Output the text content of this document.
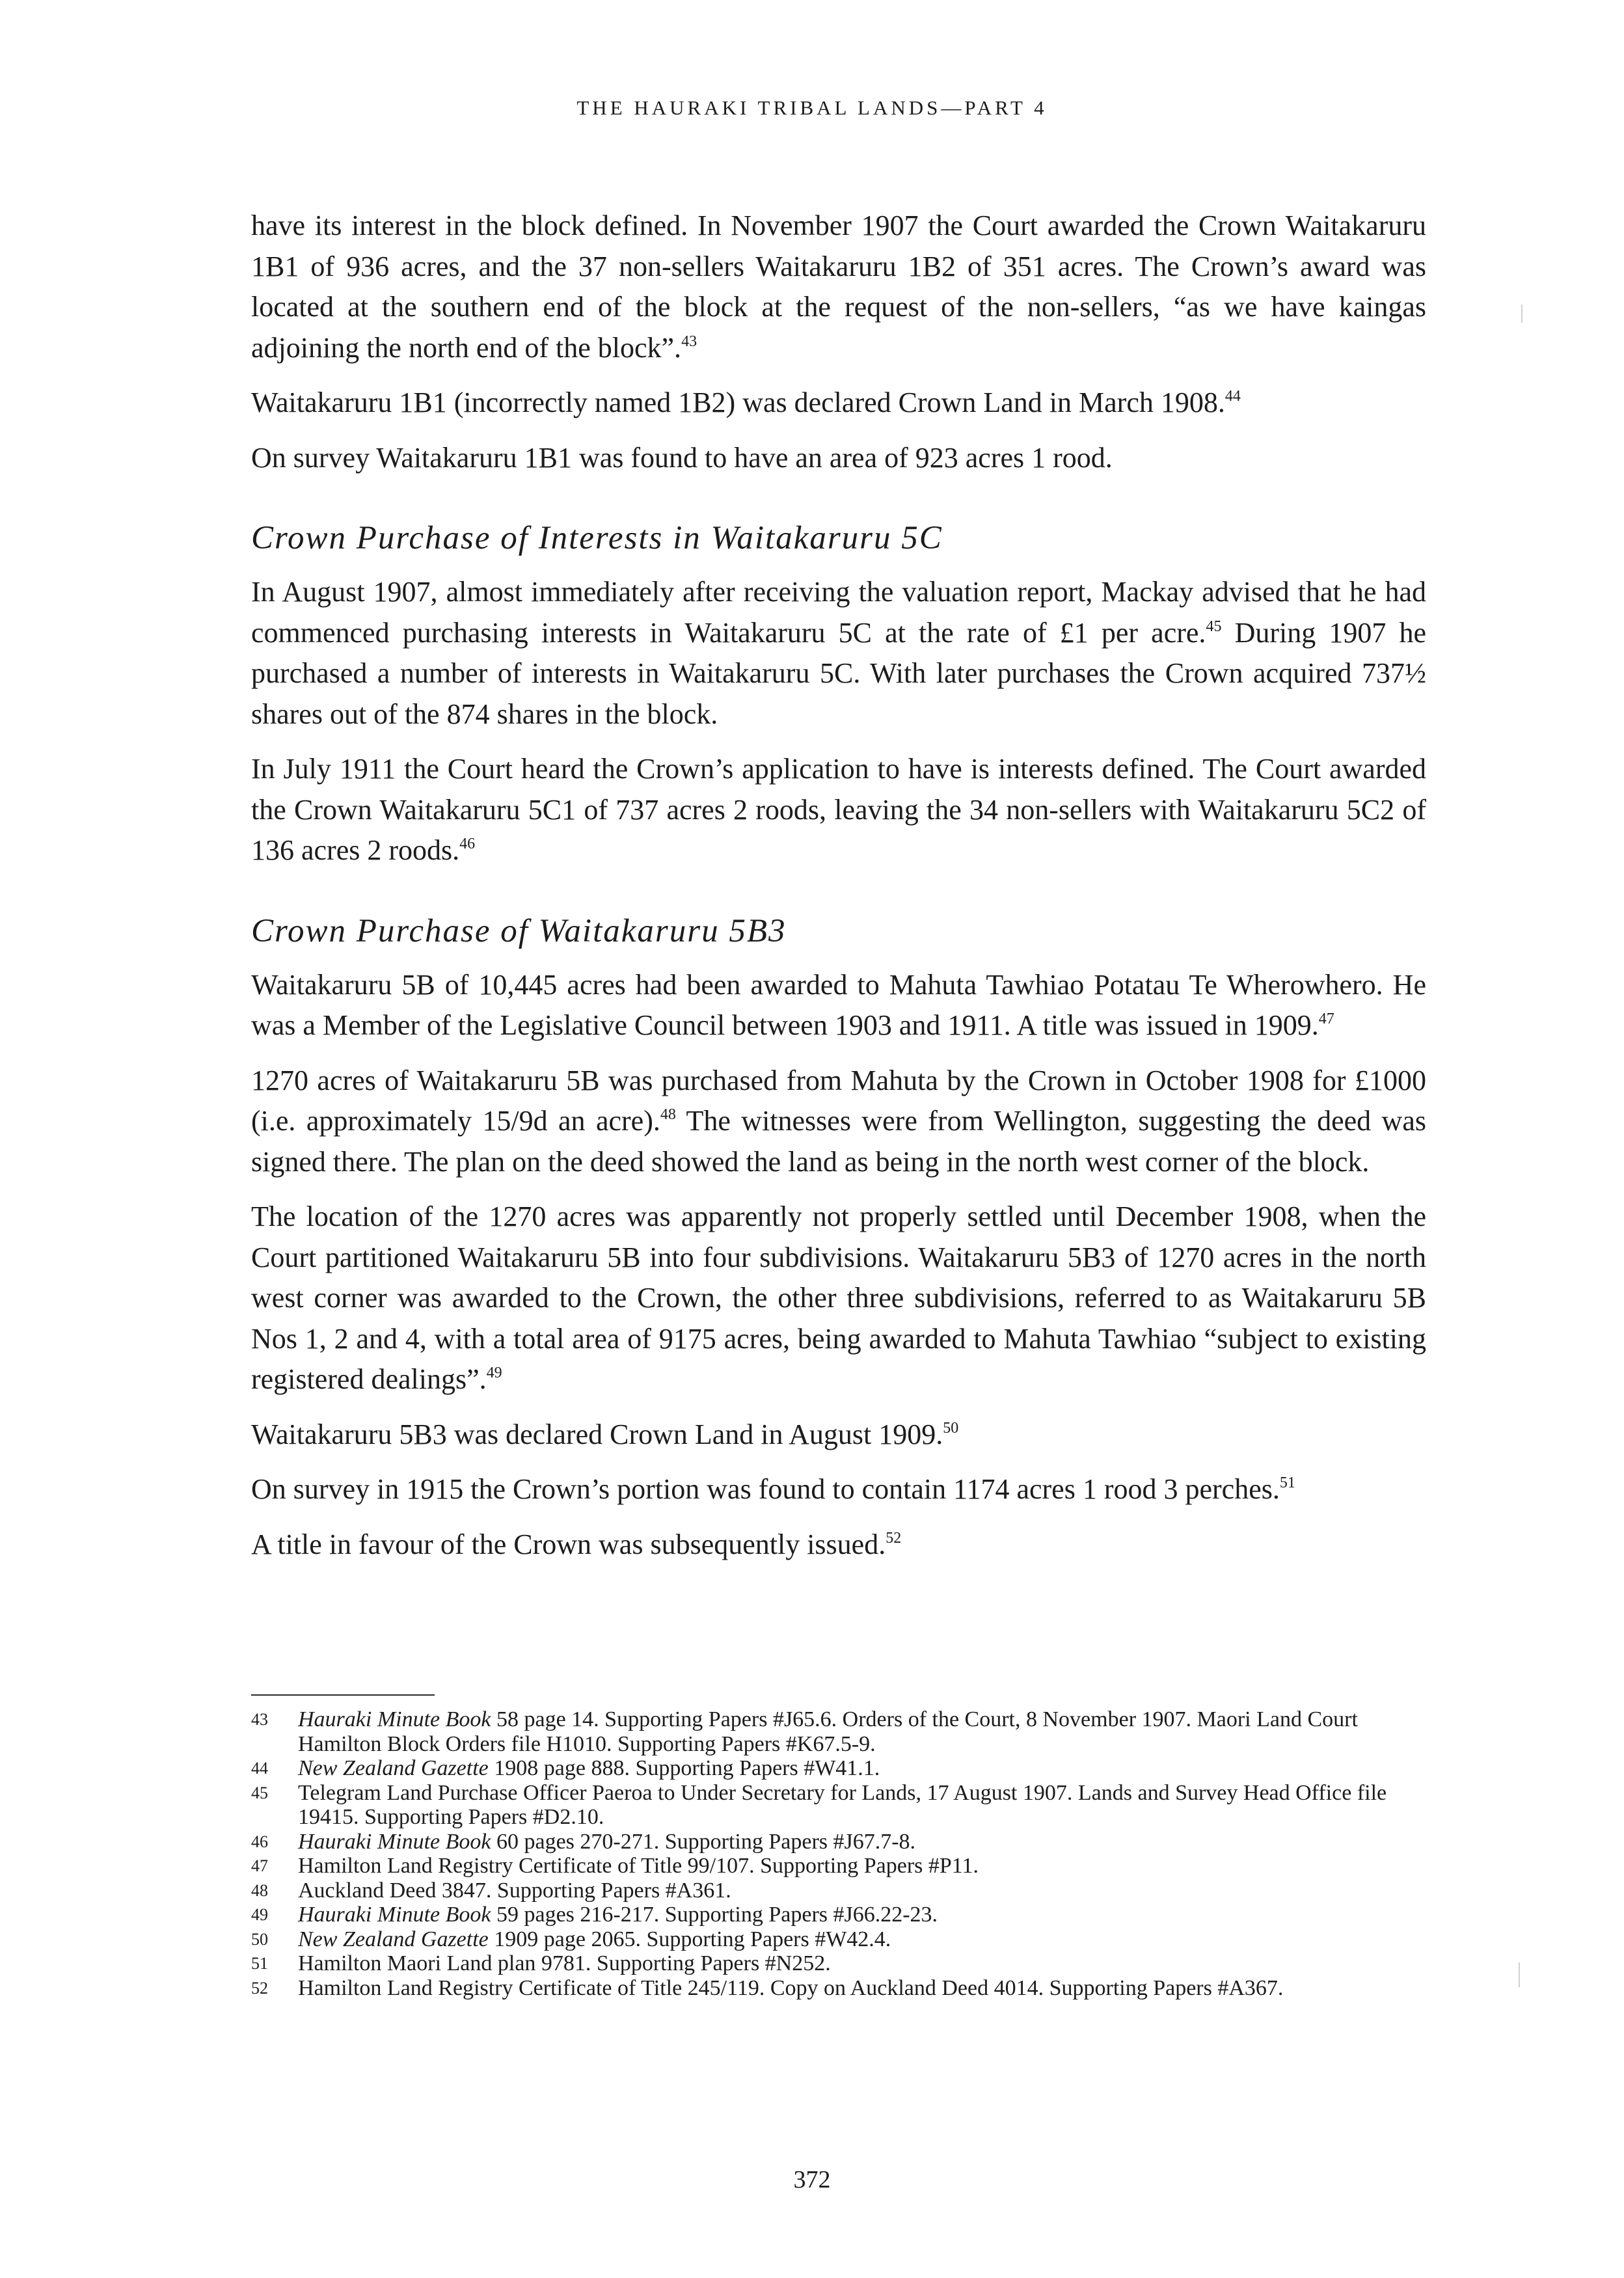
THE HAURAKI TRIBAL LANDS—PART 4

have its interest in the block defined. In November 1907 the Court awarded the Crown Waitakaruru 1B1 of 936 acres, and the 37 non-sellers Waitakaruru 1B2 of 351 acres. The Crown’s award was located at the southern end of the block at the request of the non-sellers, “as we have kaingas adjoining the north end of the block”.$^{43}$

Waitakaruru 1B1 (incorrectly named 1B2) was declared Crown Land in March 1908.44

On survey Waitakaruru 1B1 was found to have an area of 923 acres 1 rood.

Crown Purchase of Interests in Waitakaruru 5C

In August 1907, almost immediately after receiving the valuation report, Mackay advised that he had commenced purchasing interests in Waitakaruru 5C at the rate of £1 per acre.$^{45}$ During 1907 he purchased a number of interests in Waitakaruru 5C. With later purchases the Crown acquired 737½ shares out of the 874 shares in the block.

In July 1911 the Court heard the Crown’s application to have is interests defined. The Court awarded the Crown Waitakaruru 5C1 of 737 acres 2 roods, leaving the 34 non-sellers with Waitakaruru 5C2 of 136 acres 2 roods.$^{46}$

Crown Purchase of Waitakaruru 5B3

Waitakaruru 5B of 10,445 acres had been awarded to Mahuta Tawhiao Potatau Te Wherowhero. He was a Member of the Legislative Council between 1903 and 1911. A title was issued in 1909.47

1270 acres of Waitakaruru 5B was purchased from Mahuta by the Crown in October 1908 for £1000 (i.e. approximately 15/9d an acre).$^{48}$ The witnesses were from Wellington, suggesting the deed was signed there. The plan on the deed showed the land as being in the north west corner of the block.

The location of the 1270 acres was apparently not properly settled until December 1908, when the Court partitioned Waitakaruru 5B into four subdivisions. Waitakaruru 5B3 of 1270 acres in the north west corner was awarded to the Crown, the other three subdivisions, referred to as Waitakaruru 5B Nos 1, 2 and 4, with a total area of 9175 acres, being awarded to Mahuta Tawhiao “subject to existing registered dealings”.$^{49}$

Waitakaruru 5B3 was declared Crown Land in August 1909.50

On survey in 1915 the Crown’s portion was found to contain 1174 acres 1 rood 3 perches.$^{51}$

A title in favour of the Crown was subsequently issued.$^{52}$

43	Hauraki Minute Book 58 page 14. Supporting Papers #J65.6. Orders of the Court, 8 November 1907. Maori Land Court Hamilton Block Orders file H1010. Supporting Papers #K67.5-9.
44	New Zealand Gazette 1908 page 888. Supporting Papers #W41.1.
45	Telegram Land Purchase Officer Paeroa to Under Secretary for Lands, 17 August 1907. Lands and Survey Head Office file 19415. Supporting Papers #D2.10.
46	Hauraki Minute Book 60 pages 270-271. Supporting Papers #J67.7-8.
47	Hamilton Land Registry Certificate of Title 99/107. Supporting Papers #P11.
48	Auckland Deed 3847. Supporting Papers #A361.
49	Hauraki Minute Book 59 pages 216-217. Supporting Papers #J66.22-23.
50	New Zealand Gazette 1909 page 2065. Supporting Papers #W42.4.
51	Hamilton Maori Land plan 9781. Supporting Papers #N252.
52	Hamilton Land Registry Certificate of Title 245/119. Copy on Auckland Deed 4014. Supporting Papers #A367.
372
